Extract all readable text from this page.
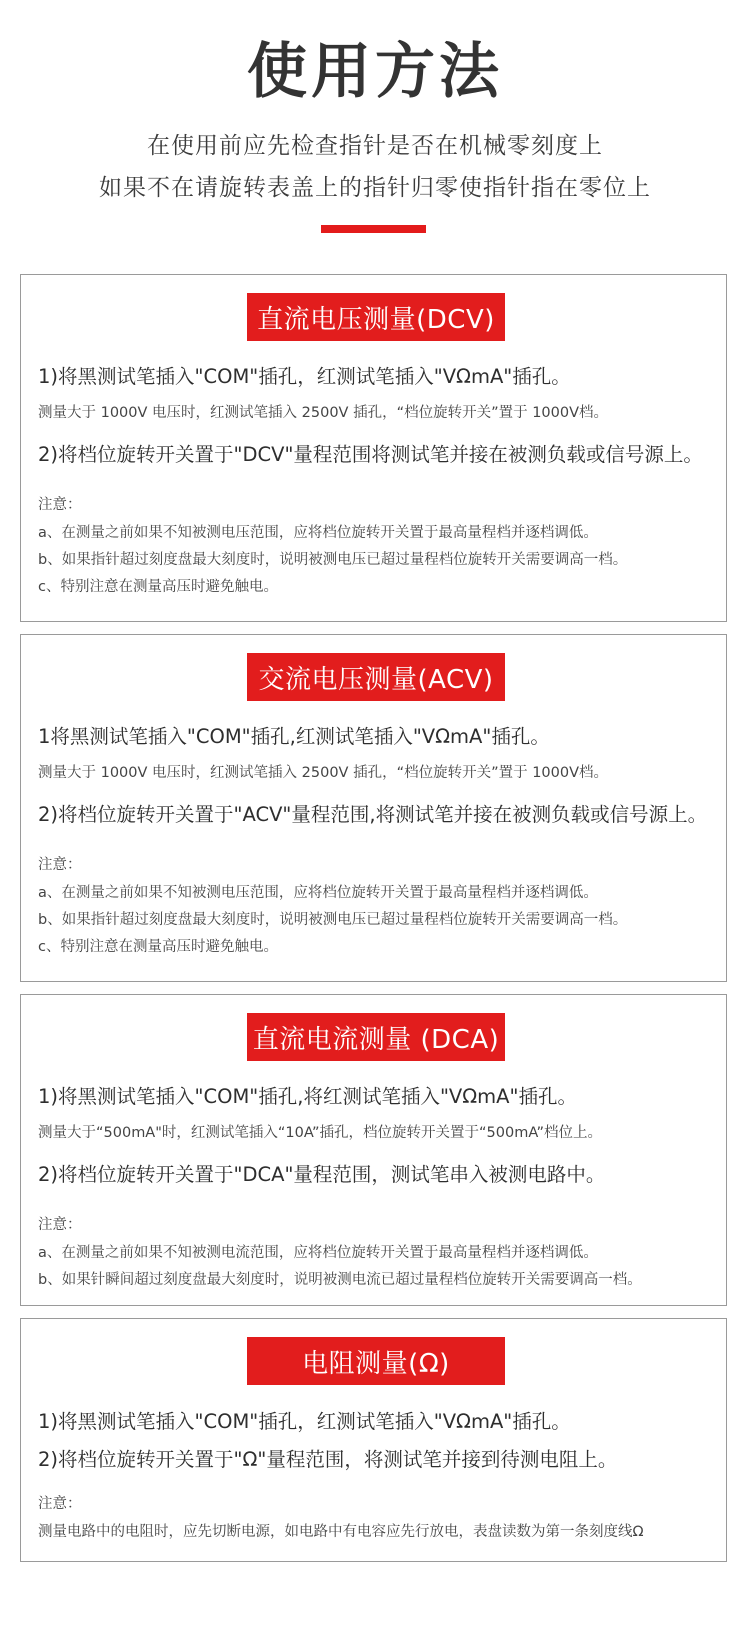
使用方法
在使用前应先检查指针是否在机械零刻度上
如果不在请旋转表盖上的指针归零使指针指在零位上
直流电压测量(DCV)
1)将黑测试笔插入"COM"插孔，红测试笔插入"VΩmA"插孔。
测量大于 1000V 电压时，红测试笔插入 2500V 插孔，“档位旋转开关”置于 1000V档。
2)将档位旋转开关置于"DCV"量程范围将测试笔并接在被测负载或信号源上。
注意：
a、在测量之前如果不知被测电压范围，应将档位旋转开关置于最高量程档并逐档调低。
b、如果指针超过刻度盘最大刻度时，说明被测电压已超过量程档位旋转开关需要调高一档。
c、特别注意在测量高压时避免触电。
交流电压测量(ACV)
1将黑测试笔插入"COM"插孔,红测试笔插入"VΩmA"插孔。
测量大于 1000V 电压时，红测试笔插入 2500V 插孔，“档位旋转开关”置于 1000V档。
2)将档位旋转开关置于"ACV"量程范围,将测试笔并接在被测负载或信号源上。
注意：
a、在测量之前如果不知被测电压范围，应将档位旋转开关置于最高量程档并逐档调低。
b、如果指针超过刻度盘最大刻度时，说明被测电压已超过量程档位旋转开关需要调高一档。
c、特别注意在测量高压时避免触电。
直流电流测量 (DCA)
1)将黑测试笔插入"COM"插孔,将红测试笔插入"VΩmA"插孔。
测量大于“500mA"时，红测试笔插入“10A”插孔，档位旋转开关置于“500mA”档位上。
2)将档位旋转开关置于"DCA"量程范围，测试笔串入被测电路中。
注意：
a、在测量之前如果不知被测电流范围，应将档位旋转开关置于最高量程档并逐档调低。
b、如果针瞬间超过刻度盘最大刻度时，说明被测电流已超过量程档位旋转开关需要调高一档。
电阻测量(Ω)
1)将黑测试笔插入"COM"插孔，红测试笔插入"VΩmA"插孔。
2)将档位旋转开关置于"Ω"量程范围，将测试笔并接到待测电阻上。
注意：
测量电路中的电阻时，应先切断电源，如电路中有电容应先行放电，表盘读数为第一条刻度线Ω
